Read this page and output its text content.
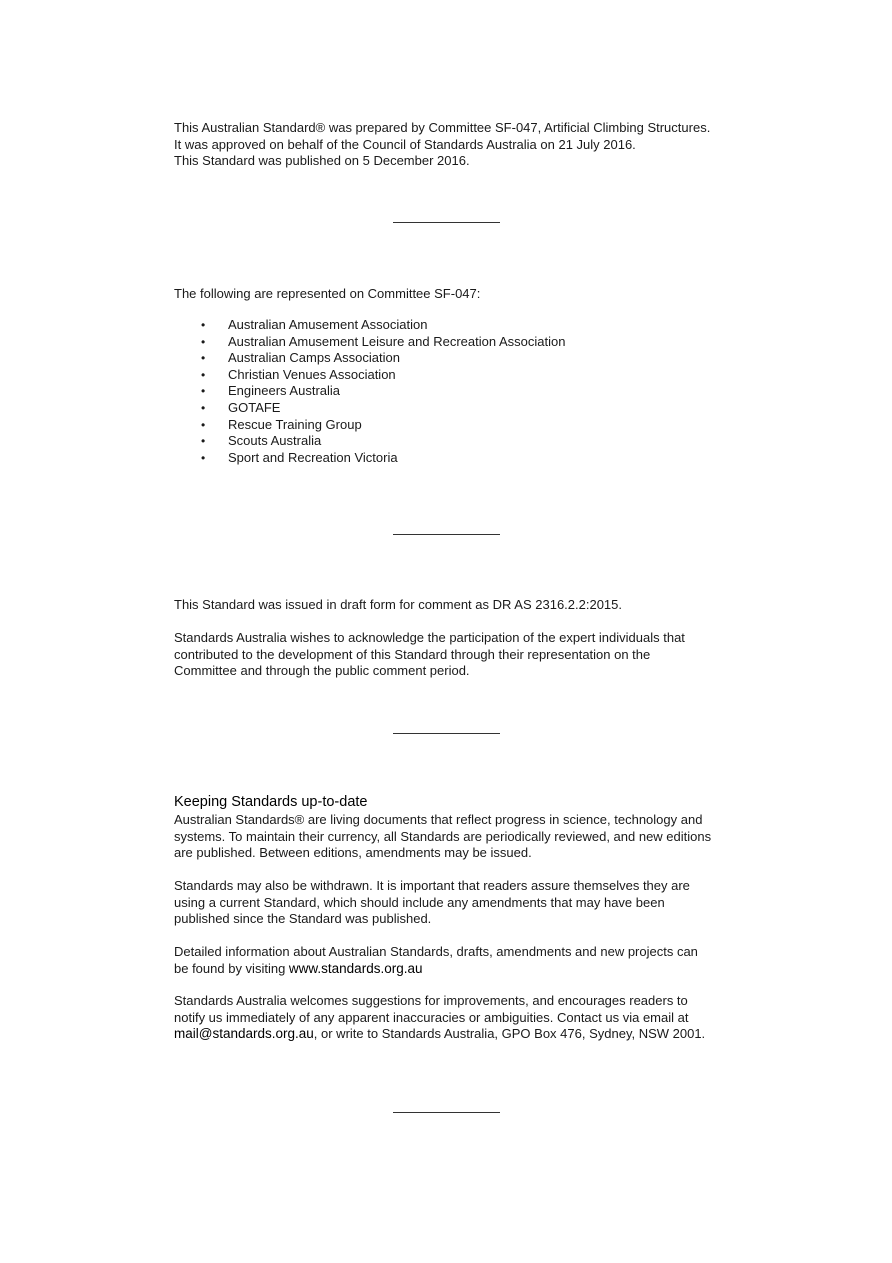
This Australian Standard® was prepared by Committee SF-047, Artificial Climbing Structures.
It was approved on behalf of the Council of Standards Australia on 21 July 2016.
This Standard was published on 5 December 2016.
The following are represented on Committee SF-047:
• Australian Amusement Association
• Australian Amusement Leisure and Recreation Association
• Australian Camps Association
• Christian Venues Association
• Engineers Australia
• GOTAFE
• Rescue Training Group
• Scouts Australia
• Sport and Recreation Victoria
This Standard was issued in draft form for comment as DR AS 2316.2.2:2015.
Standards Australia wishes to acknowledge the participation of the expert individuals that
contributed to the development of this Standard through their representation on the
Committee and through the public comment period.
Keeping Standards up-to-date
Australian Standards® are living documents that reflect progress in science, technology and
systems. To maintain their currency, all Standards are periodically reviewed, and new editions
are published. Between editions, amendments may be issued.
Standards may also be withdrawn. It is important that readers assure themselves they are
using a current Standard, which should include any amendments that may have been
published since the Standard was published.
Detailed information about Australian Standards, drafts, amendments and new projects can
be found by visiting www.standards.org.au
Standards Australia welcomes suggestions for improvements, and encourages readers to
notify us immediately of any apparent inaccuracies or ambiguities. Contact us via email at
mail@standards.org.au, or write to Standards Australia, GPO Box 476, Sydney, NSW 2001.
